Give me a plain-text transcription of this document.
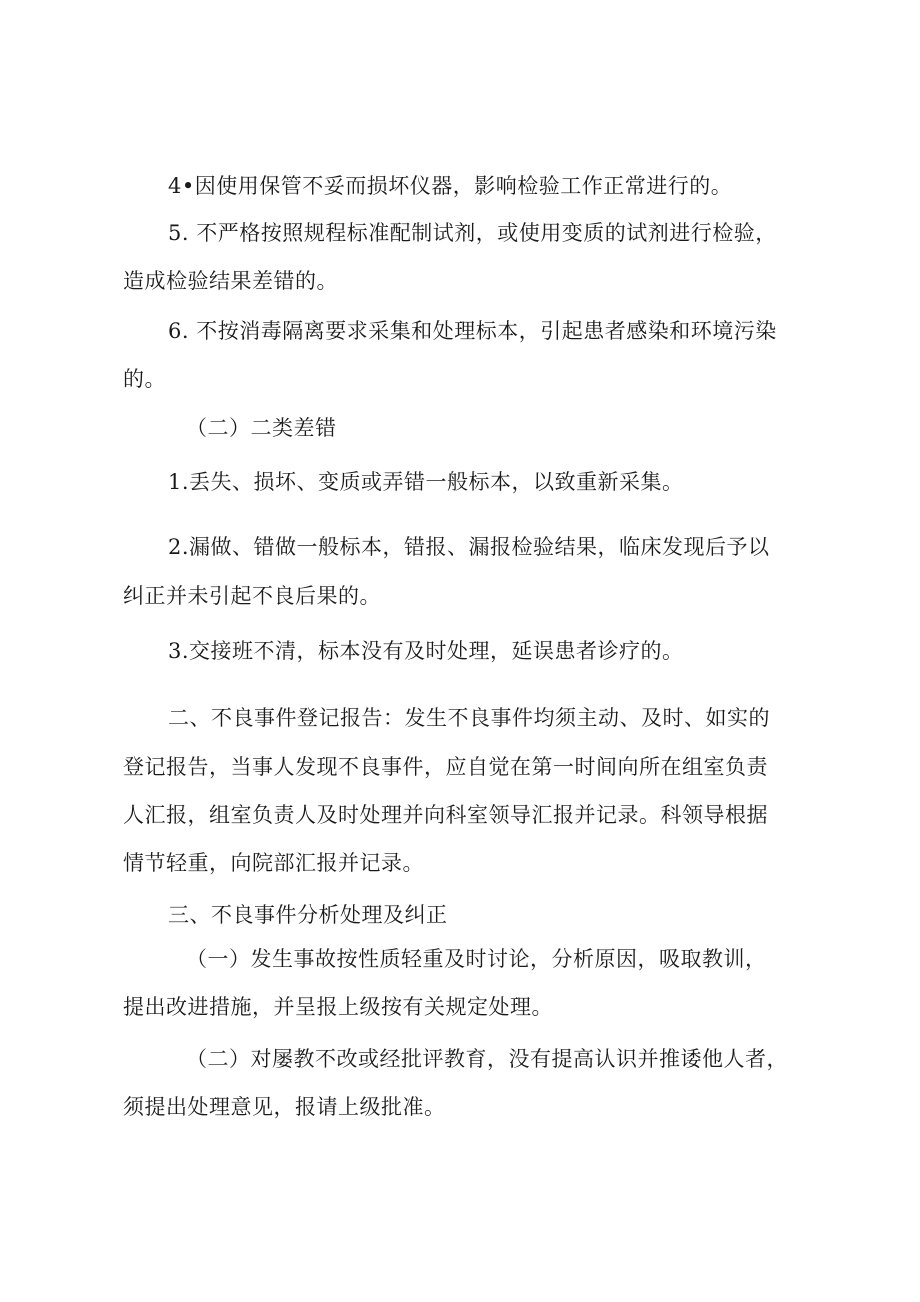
4•因使用保管不妥而损坏仪器，影响检验工作正常进行的。
5. 不严格按照规程标准配制试剂，或使用变质的试剂进行检验，
造成检验结果差错的。
6. 不按消毒隔离要求采集和处理标本，引起患者感染和环境污染
的。
（二）二类差错
1.丢失、损坏、变质或弄错一般标本，以致重新采集。
2.漏做、错做一般标本，错报、漏报检验结果，临床发现后予以
纠正并未引起不良后果的。
3.交接班不清，标本没有及时处理，延误患者诊疗的。
二、不良事件登记报告：发生不良事件均须主动、及时、如实的
登记报告，当事人发现不良事件，应自觉在第一时间向所在组室负责
人汇报，组室负责人及时处理并向科室领导汇报并记录。科领导根据
情节轻重，向院部汇报并记录。
三、不良事件分析处理及纠正
（一）发生事故按性质轻重及时讨论，分析原因，吸取教训，
提出改进措施，并呈报上级按有关规定处理。
（二）对屡教不改或经批评教育，没有提高认识并推诿他人者，
须提出处理意见，报请上级批准。
